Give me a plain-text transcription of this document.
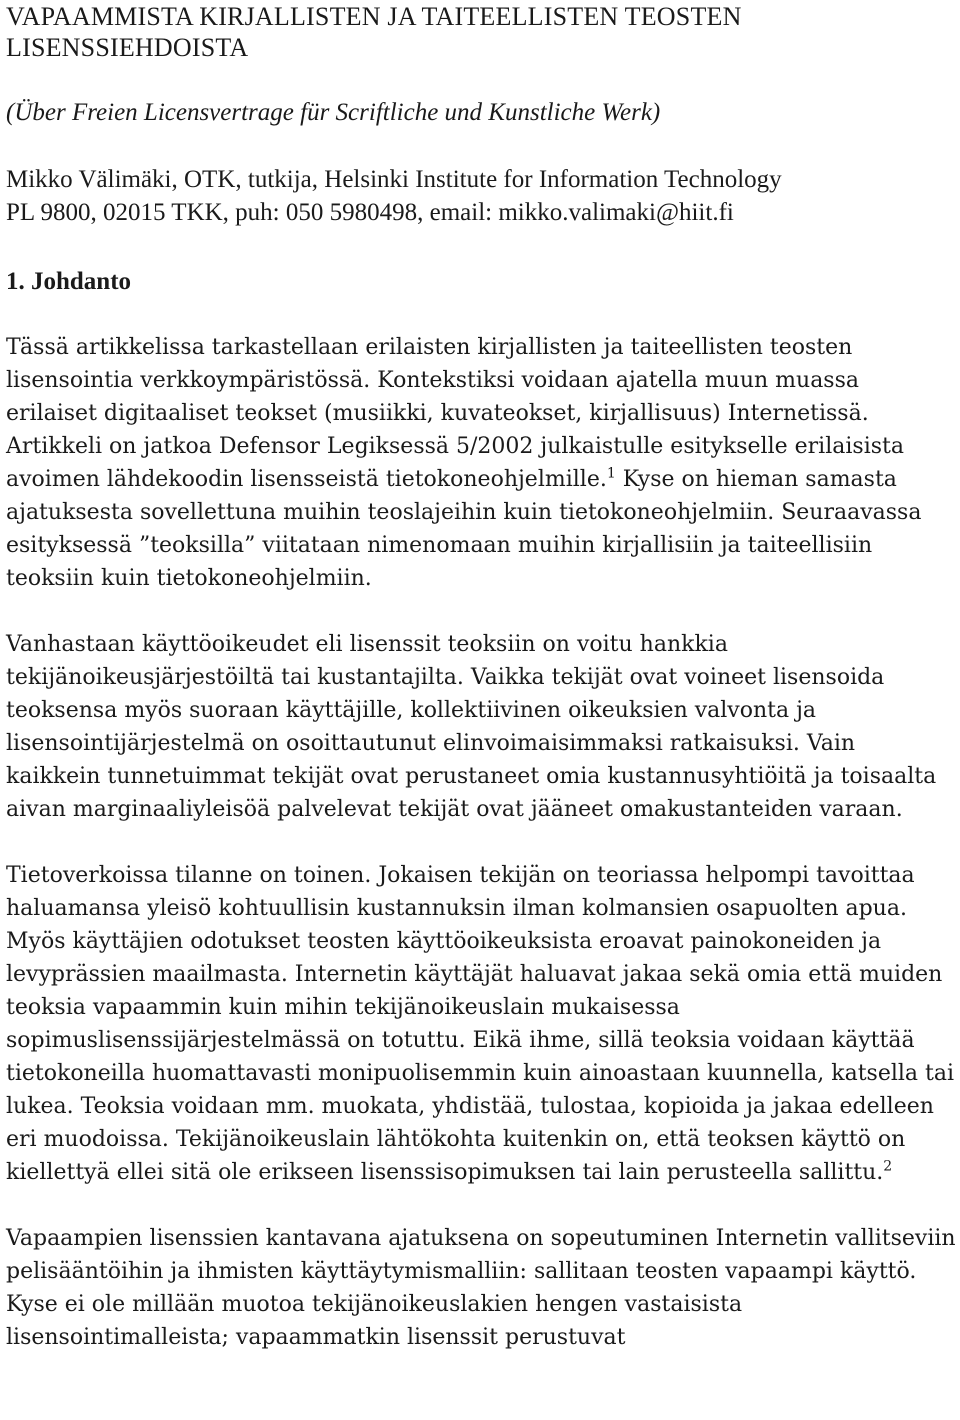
VAPAAMMISTA KIRJALLISTEN JA TAITEELLISTEN TEOSTEN
LISENSSIEHDOISTA

(Über Freien Licensvertrage für Scriftliche und Kunstliche Werk)

Mikko Välimäki, OTK, tutkija, Helsinki Institute for Information Technology
PL 9800, 02015 TKK, puh: 050 5980498, email: mikko.valimaki@hiit.fi

1. Johdanto

Tässä artikkelissa tarkastellaan erilaisten kirjallisten ja taiteellisten teosten lisensointia verkkoympäristössä. Kontekstiksi voidaan ajatella muun muassa erilaiset digitaaliset teokset (musiikki, kuvateokset, kirjallisuus) Internetissä. Artikkeli on jatkoa Defensor Legiksessä 5/2002 julkaistulle esitykselle erilaisista avoimen lähdekoodin lisensseistä tietokoneohjelmille.$^1$ Kyse on hieman samasta ajatuksesta sovellettuna muihin teoslajeihin kuin tietokoneohjelmiin. Seuraavassa esityksessä ”teoksilla” viitataan nimenomaan muihin kirjallisiin ja taiteellisiin teoksiin kuin tietokoneohjelmiin.

Vanhastaan käyttöoikeudet eli lisenssit teoksiin on voitu hankkia tekijänoikeusjärjestöiltä tai kustantajilta. Vaikka tekijät ovat voineet lisensoida teoksensa myös suoraan käyttäjille, kollektiivinen oikeuksien valvonta ja lisensointijärjestelmä on osoittautunut elinvoimaisimmaksi ratkaisuksi. Vain kaikkein tunnetuimmat tekijät ovat perustaneet omia kustannusyhtiöitä ja toisaalta aivan marginaaliyleisöä palvelevat tekijät ovat jääneet omakustanteiden varaan.

Tietoverkoissa tilanne on toinen. Jokaisen tekijän on teoriassa helpompi tavoittaa haluamansa yleisö kohtuullisin kustannuksin ilman kolmansien osapuolten apua. Myös käyttäjien odotukset teosten käyttöoikeuksista eroavat painokoneiden ja levyprässien maailmasta. Internetin käyttäjät haluavat jakaa sekä omia että muiden teoksia vapaammin kuin mihin tekijänoikeuslain mukaisessa sopimuslisenssijärjestelmässä on totuttu. Eikä ihme, sillä teoksia voidaan käyttää tietokoneilla huomattavasti monipuolisemmin kuin ainoastaan kuunnella, katsella tai lukea. Teoksia voidaan mm. muokata, yhdistää, tulostaa, kopioida ja jakaa edelleen eri muodoissa. Tekijänoikeuslain lähtökohta kuitenkin on, että teoksen käyttö on kiellettyä ellei sitä ole erikseen lisenssisopimuksen tai lain perusteella sallittu.$^2$

Vapaampien lisenssien kantavana ajatuksena on sopeutuminen Internetin vallitseviin pelisääntöihin ja ihmisten käyttäytymismalliin: sallitaan teosten vapaampi käyttö. Kyse ei ole millään muotoa tekijänoikeuslakien hengen vastaisista lisensointimalleista; vapaammatkin lisenssit perustuvat
